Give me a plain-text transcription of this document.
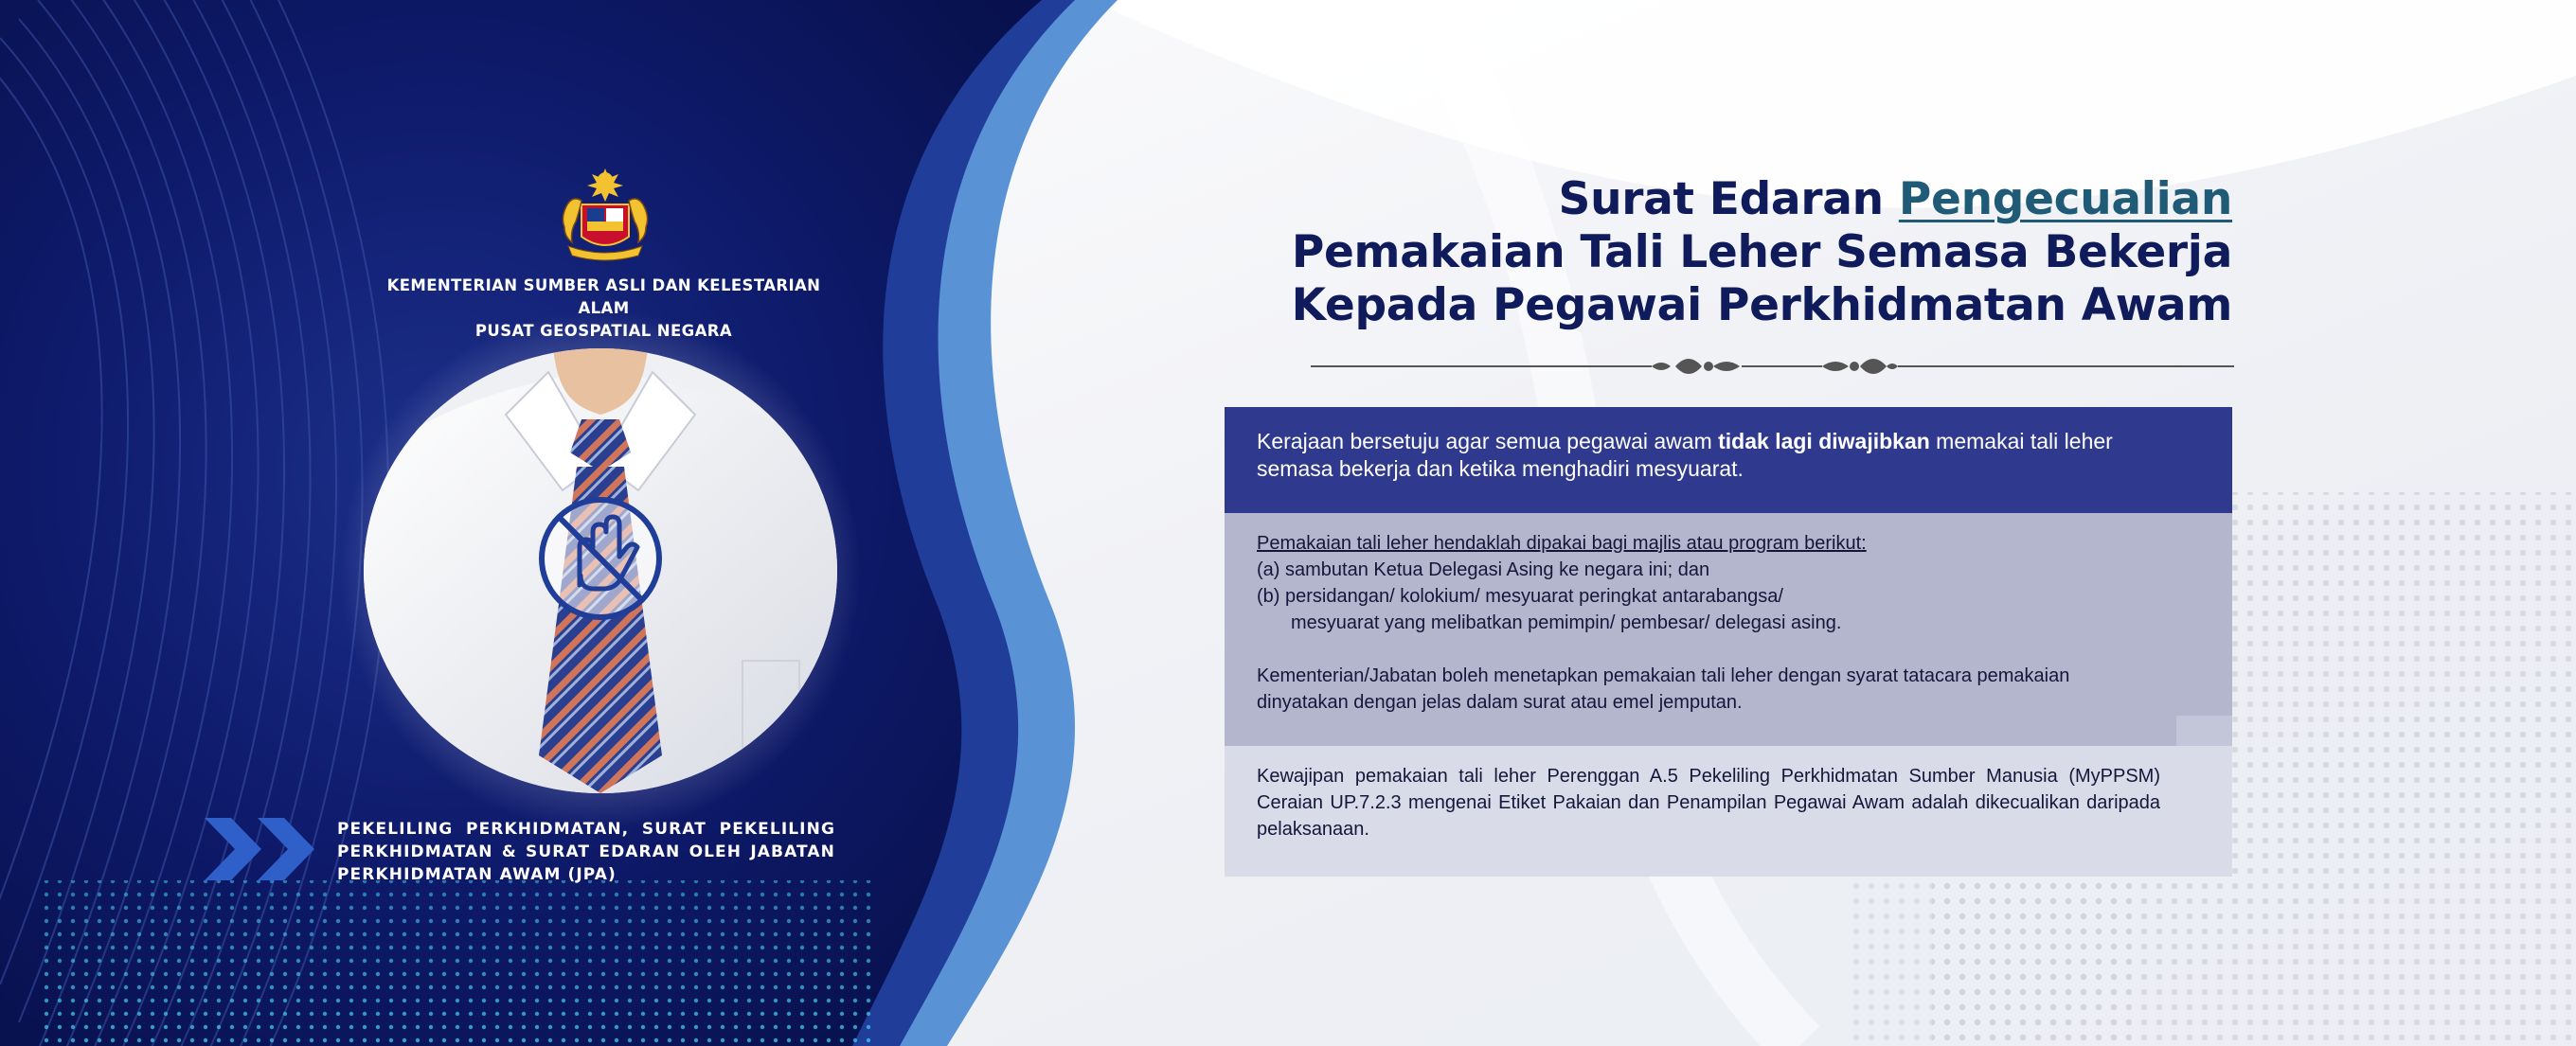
KEMENTERIAN SUMBER ASLI DAN KELESTARIAN ALAM
PUSAT GEOSPATIAL NEGARA
PEKELILING PERKHIDMATAN, SURAT PEKELILING PERKHIDMATAN & SURAT EDARAN OLEH JABATAN PERKHIDMATAN AWAM (JPA)
Surat Edaran Pengecualian
Pemakaian Tali Leher Semasa Bekerja
Kepada Pegawai Perkhidmatan Awam
Kerajaan bersetuju agar semua pegawai awam tidak lagi diwajibkan memakai tali leher semasa bekerja dan ketika menghadiri mesyuarat.
Pemakaian tali leher hendaklah dipakai bagi majlis atau program berikut:
(a) sambutan Ketua Delegasi Asing ke negara ini; dan
(b) persidangan/ kolokium/ mesyuarat peringkat antarabangsa/
mesyuarat yang melibatkan pemimpin/ pembesar/ delegasi asing.
Kementerian/Jabatan boleh menetapkan pemakaian tali leher dengan syarat tatacara pemakaian dinyatakan dengan jelas dalam surat atau emel jemputan.
Kewajipan pemakaian tali leher Perenggan A.5 Pekeliling Perkhidmatan Sumber Manusia (MyPPSM) Ceraian UP.7.2.3 mengenai Etiket Pakaian dan Penampilan Pegawai Awam adalah dikecualikan daripada pelaksanaan.
